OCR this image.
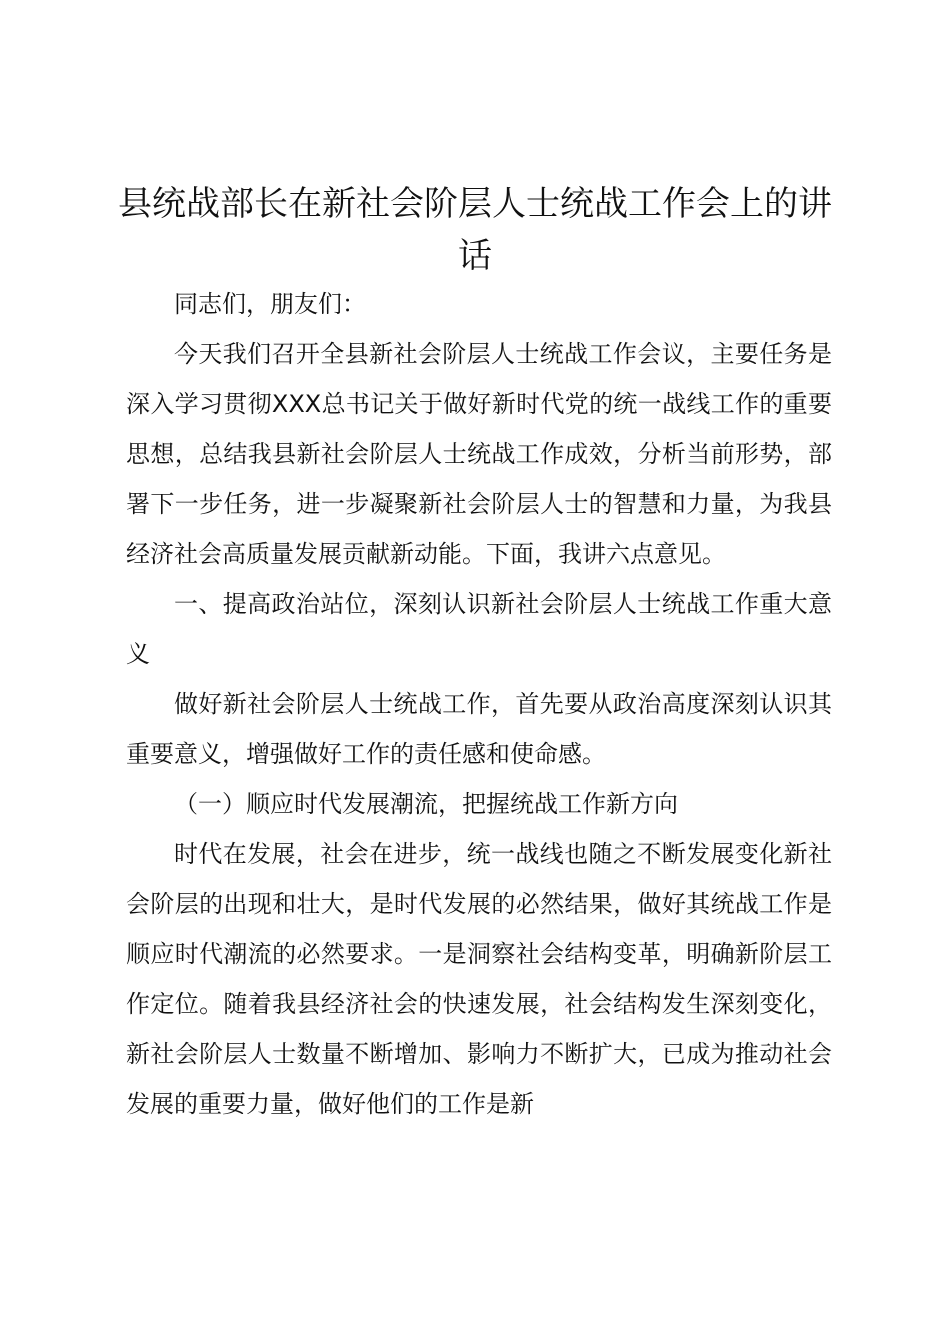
县统战部长在新社会阶层人士统战工作会上的讲话

同志们，朋友们：

今天我们召开全县新社会阶层人士统战工作会议，主要任务是深入学习贯彻XXX总书记关于做好新时代党的统一战线工作的重要思想，总结我县新社会阶层人士统战工作成效，分析当前形势，部署下一步任务，进一步凝聚新社会阶层人士的智慧和力量，为我县经济社会高质量发展贡献新动能。下面，我讲六点意见。

一、提高政治站位，深刻认识新社会阶层人士统战工作重大意义

做好新社会阶层人士统战工作，首先要从政治高度深刻认识其重要意义，增强做好工作的责任感和使命感。

（一）顺应时代发展潮流，把握统战工作新方向

时代在发展，社会在进步，统一战线也随之不断发展变化新社会阶层的出现和壮大，是时代发展的必然结果，做好其统战工作是顺应时代潮流的必然要求。一是洞察社会结构变革，明确新阶层工作定位。随着我县经济社会的快速发展，社会结构发生深刻变化，新社会阶层人士数量不断增加、影响力不断扩大，已成为推动社会发展的重要力量，做好他们的工作是新
